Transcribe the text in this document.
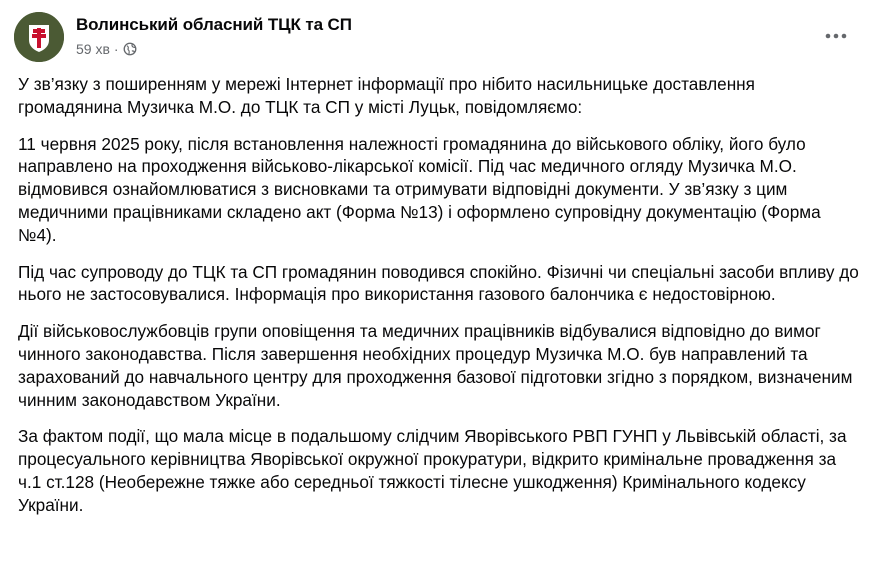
Волинський обласний ТЦК та СП
59 хв ·

У зв’язку з поширенням у мережі Інтернет інформації про нібито насильницьке доставлення громадянина Музичка М.О. до ТЦК та СП у місті Луцьк, повідомляємо:

11 червня 2025 року, після встановлення належності громадянина до військового обліку, його було направлено на проходження військово-лікарської комісії. Під час медичного огляду Музичка М.О. відмовився ознайомлюватися з висновками та отримувати відповідні документи. У зв’язку з цим медичними працівниками складено акт (Форма №13) і оформлено супровідну документацію (Форма №4).

Під час супроводу до ТЦК та СП громадянин поводився спокійно. Фізичні чи спеціальні засоби впливу до нього не застосовувалися. Інформація про використання газового балончика є недостовірною.

Дії військовослужбовців групи оповіщення та медичних працівників відбувалися відповідно до вимог чинного законодавства. Після завершення необхідних процедур Музичка М.О. був направлений та зарахований до навчального центру для проходження базової підготовки згідно з порядком, визначеним чинним законодавством України.

За фактом події, що мала місце в подальшому слідчим Яворівського РВП ГУНП у Львівській області, за процесуального керівництва Яворівської окружної прокуратури, відкрито кримінальне провадження за ч.1 ст.128 (Необережне тяжке або середньої тяжкості тілесне ушкодження) Кримінального кодексу України.
